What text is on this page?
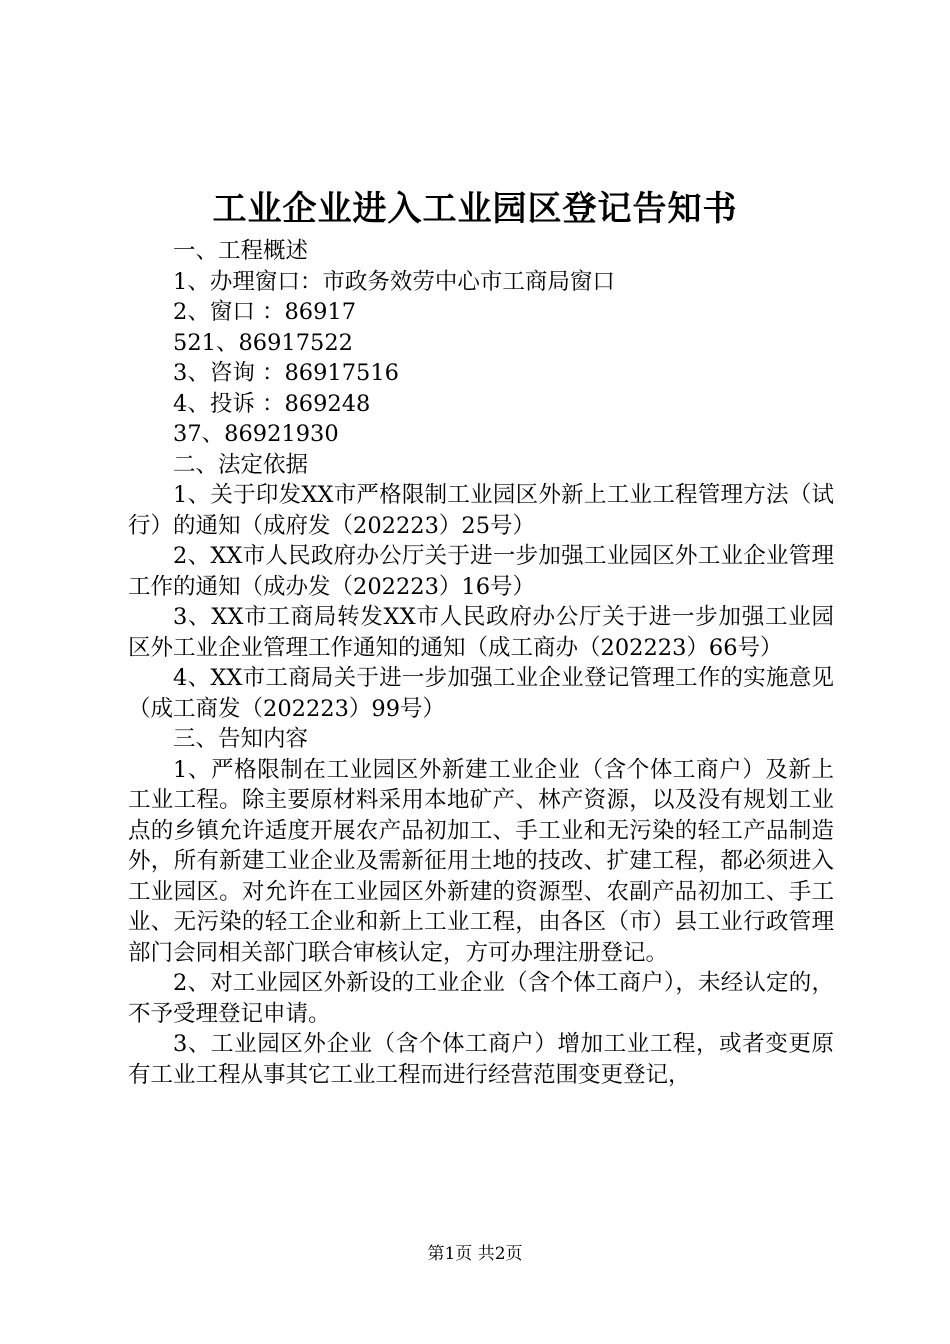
工业企业进入工业园区登记告知书

一、工程概述

1、办理窗口：市政务效劳中心市工商局窗口

2、窗口 ：86917

521、86917522

3、咨询 ：86917516

4、投诉 ：869248

37、86921930

二、法定依据

1、关于印发XX市严格限制工业园区外新上工业工程管理方法（试行）的通知（成府发（202223）25号）

2、XX市人民政府办公厅关于进一步加强工业园区外工业企业管理工作的通知（成办发（202223）16号）

3、XX市工商局转发XX市人民政府办公厅关于进一步加强工业园区外工业企业管理工作通知的通知（成工商办（202223）66号）

4、XX市工商局关于进一步加强工业企业登记管理工作的实施意见（成工商发（202223）99号）

三、告知内容

1、严格限制在工业园区外新建工业企业（含个体工商户）及新上工业工程。除主要原材料采用本地矿产、林产资源，以及没有规划工业点的乡镇允许适度开展农产品初加工、手工业和无污染的轻工产品制造外，所有新建工业企业及需新征用土地的技改、扩建工程，都必须进入工业园区。对允许在工业园区外新建的资源型、农副产品初加工、手工业、无污染的轻工企业和新上工业工程，由各区（市）县工业行政管理部门会同相关部门联合审核认定，方可办理注册登记。

2、对工业园区外新设的工业企业（含个体工商户），未经认定的，不予受理登记申请。

3、工业园区外企业（含个体工商户）增加工业工程，或者变更原有工业工程从事其它工业工程而进行经营范围变更登记，

第1页 共2页
